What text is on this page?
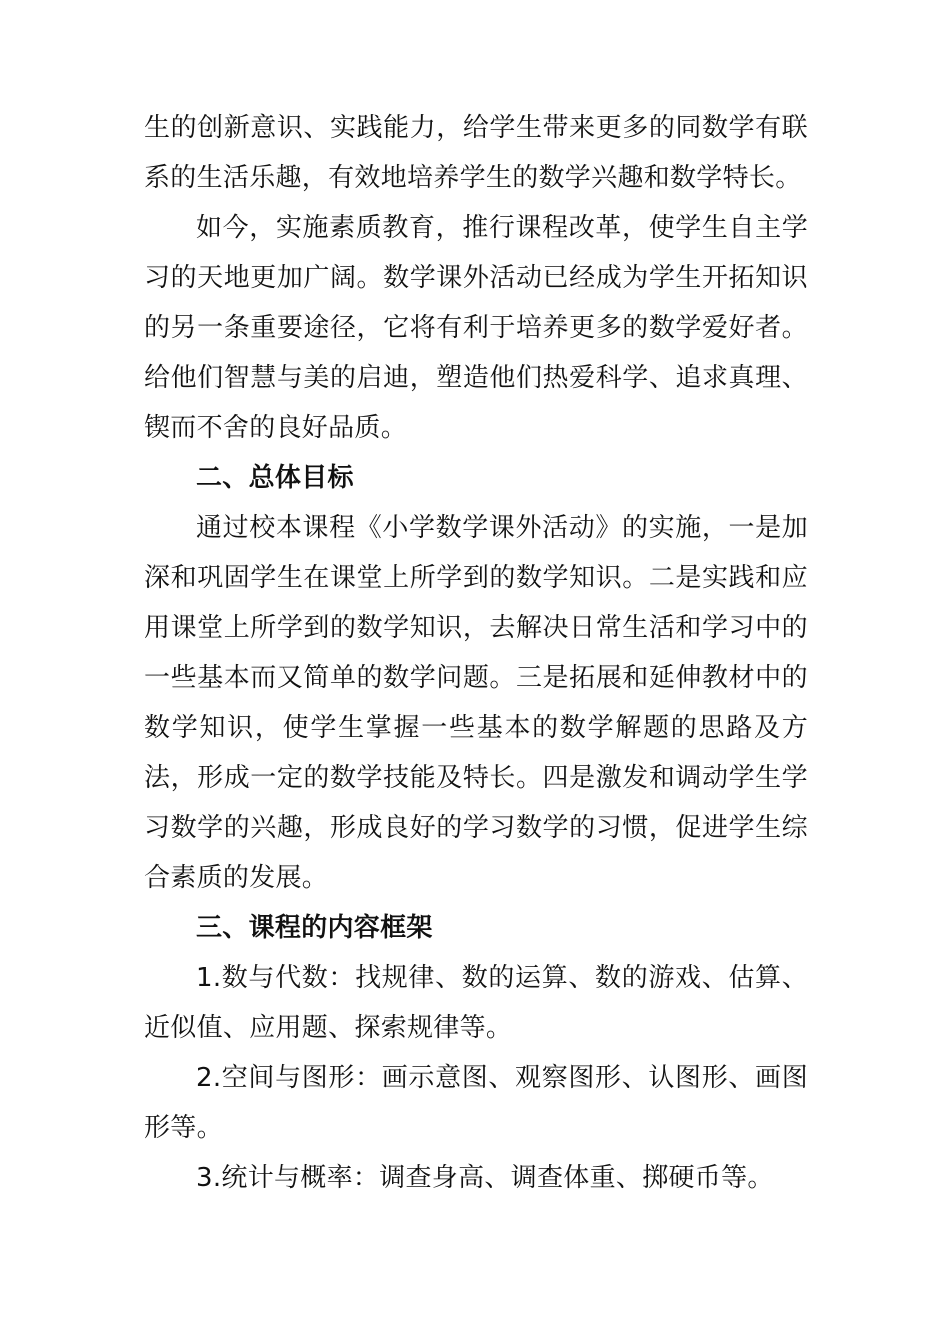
生的创新意识、实践能力，给学生带来更多的同数学有联系的生活乐趣，有效地培养学生的数学兴趣和数学特长。

如今，实施素质教育，推行课程改革，使学生自主学习的天地更加广阔。数学课外活动已经成为学生开拓知识的另一条重要途径，它将有利于培养更多的数学爱好者。给他们智慧与美的启迪，塑造他们热爱科学、追求真理、锲而不舍的良好品质。

二、总体目标

通过校本课程《小学数学课外活动》的实施，一是加深和巩固学生在课堂上所学到的数学知识。二是实践和应用课堂上所学到的数学知识，去解决日常生活和学习中的一些基本而又简单的数学问题。三是拓展和延伸教材中的数学知识，使学生掌握一些基本的数学解题的思路及方法，形成一定的数学技能及特长。四是激发和调动学生学习数学的兴趣，形成良好的学习数学的习惯，促进学生综合素质的发展。

三、课程的内容框架

1.数与代数：找规律、数的运算、数的游戏、估算、近似值、应用题、探索规律等。

2.空间与图形：画示意图、观察图形、认图形、画图形等。

3.统计与概率：调查身高、调查体重、掷硬币等。
